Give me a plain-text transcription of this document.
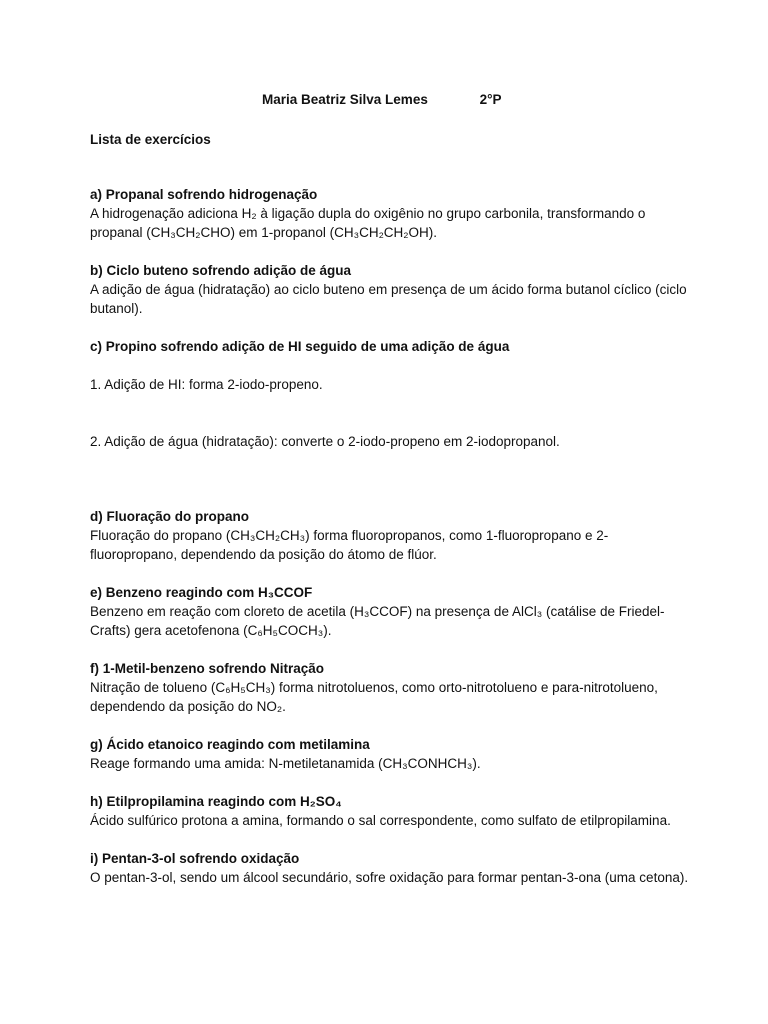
Maria Beatriz Silva Lemes	2°P

Lista de exercícios

a) Propanal sofrendo hidrogenação

A hidrogenação adiciona H₂ à ligação dupla do oxigênio no grupo carbonila, transformando o propanal (CH₃CH₂CHO) em 1-propanol (CH₃CH₂CH₂OH).

b) Ciclo buteno sofrendo adição de água

A adição de água (hidratação) ao ciclo buteno em presença de um ácido forma butanol cíclico (ciclo butanol).

c) Propino sofrendo adição de HI seguido de uma adição de água

1. Adição de HI: forma 2-iodo-propeno.

2. Adição de água (hidratação): converte o 2-iodo-propeno em 2-iodopropanol.

d) Fluoração do propano

Fluoração do propano (CH₃CH₂CH₃) forma fluoropropanos, como 1-fluoropropano e 2-fluoropropano, dependendo da posição do átomo de flúor.

e) Benzeno reagindo com H₃CCOF

Benzeno em reação com cloreto de acetila (H₃CCOF) na presença de AlCl₃ (catálise de Friedel-Crafts) gera acetofenona (C₆H₅COCH₃).

f) 1-Metil-benzeno sofrendo Nitração

Nitração de tolueno (C₆H₅CH₃) forma nitrotoluenos, como orto-nitrotolueno e para-nitrotolueno, dependendo da posição do NO₂.

g) Ácido etanoico reagindo com metilamina

Reage formando uma amida: N-metiletanamida (CH₃CONHCH₃).

h) Etilpropilamina reagindo com H₂SO₄

Ácido sulfúrico protona a amina, formando o sal correspondente, como sulfato de etilpropilamina.

i) Pentan-3-ol sofrendo oxidação

O pentan-3-ol, sendo um álcool secundário, sofre oxidação para formar pentan-3-ona (uma cetona).
